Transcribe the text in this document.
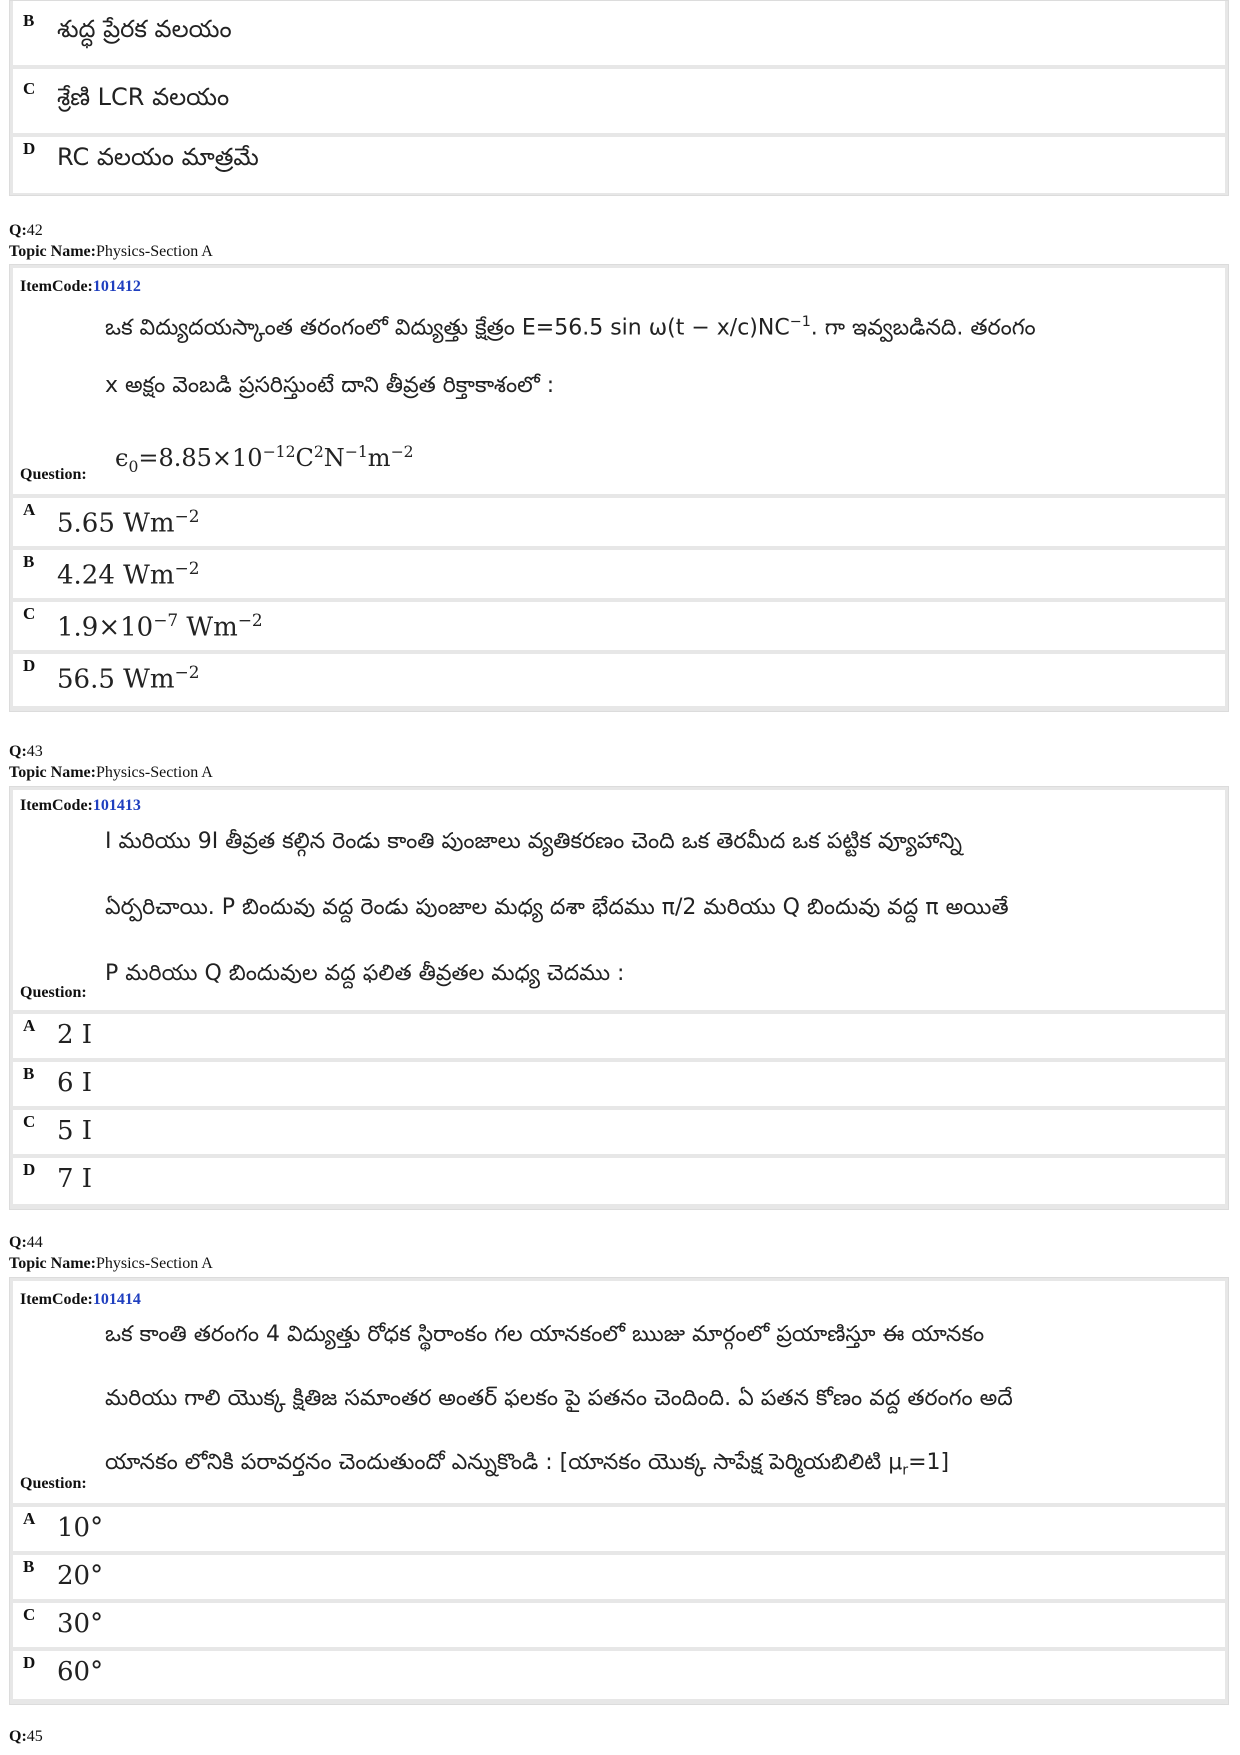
B శుద్ధ ప్రేరక వలయం
C శ్రేణి LCR వలయం
D RC వలయం మాత్రమే
Q:42
Topic Name:Physics-Section A
ItemCode:101412
ఒక విద్యుదయస్కాంత తరంగంలో విద్యుత్తు క్షేత్రం E=56.5 $\sin \omega(t - x/c)NC^{-1}$. గా ఇవ్వబడినది. తరంగం
x అక్షం వెంబడి ప్రసరిస్తుంటే దాని తీవ్రత రిక్తాకాశంలో :
$\epsilon_0=8.85\times 10^{-12}C^2N^{-1}m^{-2}$
Question:
A 5.65 $Wm^{-2}$
B 4.24 $Wm^{-2}$
C $1.9\times 10^{-7}$ $Wm^{-2}$
D 56.5 $Wm^{-2}$
Q:43
Topic Name:Physics-Section A
ItemCode:101413
I మరియు 9I తీవ్రత కల్గిన రెండు కాంతి పుంజాలు వ్యతికరణం చెంది ఒక తెరమీద ఒక పట్టిక వ్యూహాన్ని
ఏర్పరిచాయి. P బిందువు వద్ద రెండు పుంజాల మధ్య దశా భేదము π/2 మరియు Q బిందువు వద్ద π అయితే
P మరియు Q బిందువుల వద్ద ఫలిత తీవ్రతల మధ్య చెదము :
Question:
A 2 I
B 6 I
C 5 I
D 7 I
Q:44
Topic Name:Physics-Section A
ItemCode:101414
ఒక కాంతి తరంగం 4 విద్యుత్తు రోధక స్థిరాంకం గల యానకంలో ఋజు మార్గంలో ప్రయాణిస్తూ ఈ యానకం
మరియు గాలి యొక్క క్షితిజ సమాంతర అంతర్ ఫలకం పై పతనం చెందింది. ఏ పతన కోణం వద్ద తరంగం అదే
యానకం లోనికి పరావర్తనం చెందుతుందో ఎన్నుకొండి : [యానకం యొక్క సాపేక్ష పెర్మియబిలిటి $\mu_r=1$]
Question:
A 10°
B 20°
C 30°
D 60°
Q:45
